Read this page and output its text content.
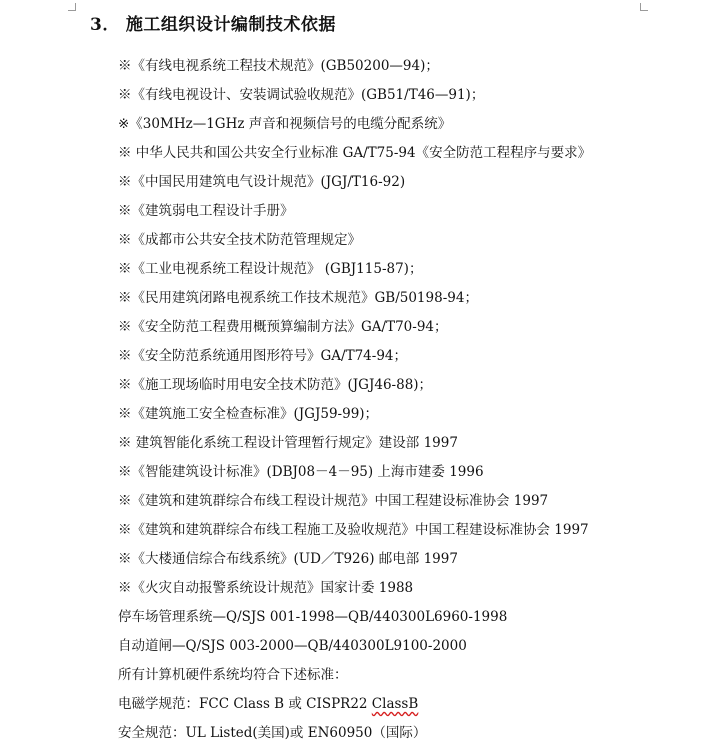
3． 施工组织设计编制技术依据
※《有线电视系统工程技术规范》(GB50200—94)；
※《有线电视设计、安装调试验收规范》(GB51/T46—91)；
※《30MHz—1GHz 声音和视频信号的电缆分配系统》
※ 中华人民共和国公共安全行业标准 GA/T75-94《安全防范工程程序与要求》
※《中国民用建筑电气设计规范》(JGJ/T16-92)
※《建筑弱电工程设计手册》
※《成都市公共安全技术防范管理规定》
※《工业电视系统工程设计规范》 (GBJ115-87)；
※《民用建筑闭路电视系统工作技术规范》GB/50198-94；
※《安全防范工程费用概预算编制方法》GA/T70-94；
※《安全防范系统通用图形符号》GA/T74-94；
※《施工现场临时用电安全技术防范》(JGJ46-88)；
※《建筑施工安全检查标准》(JGJ59-99)；
※ 建筑智能化系统工程设计管理暂行规定》建设部 1997
※《智能建筑设计标准》(DBJ08－4－95) 上海市建委 1996
※《建筑和建筑群综合布线工程设计规范》中国工程建设标准协会 1997
※《建筑和建筑群综合布线工程施工及验收规范》中国工程建设标准协会 1997
※《大楼通信综合布线系统》(UD／T926) 邮电部 1997
※《火灾自动报警系统设计规范》国家计委 1988
停车场管理系统—Q/SJS 001-1998—QB/440300L6960-1998
自动道闸—Q/SJS 003-2000—QB/440300L9100-2000
所有计算机硬件系统均符合下述标准：
电磁学规范：FCC Class B 或 CISPR22 ClassB
安全规范：UL Listed(美国)或 EN60950（国际）
